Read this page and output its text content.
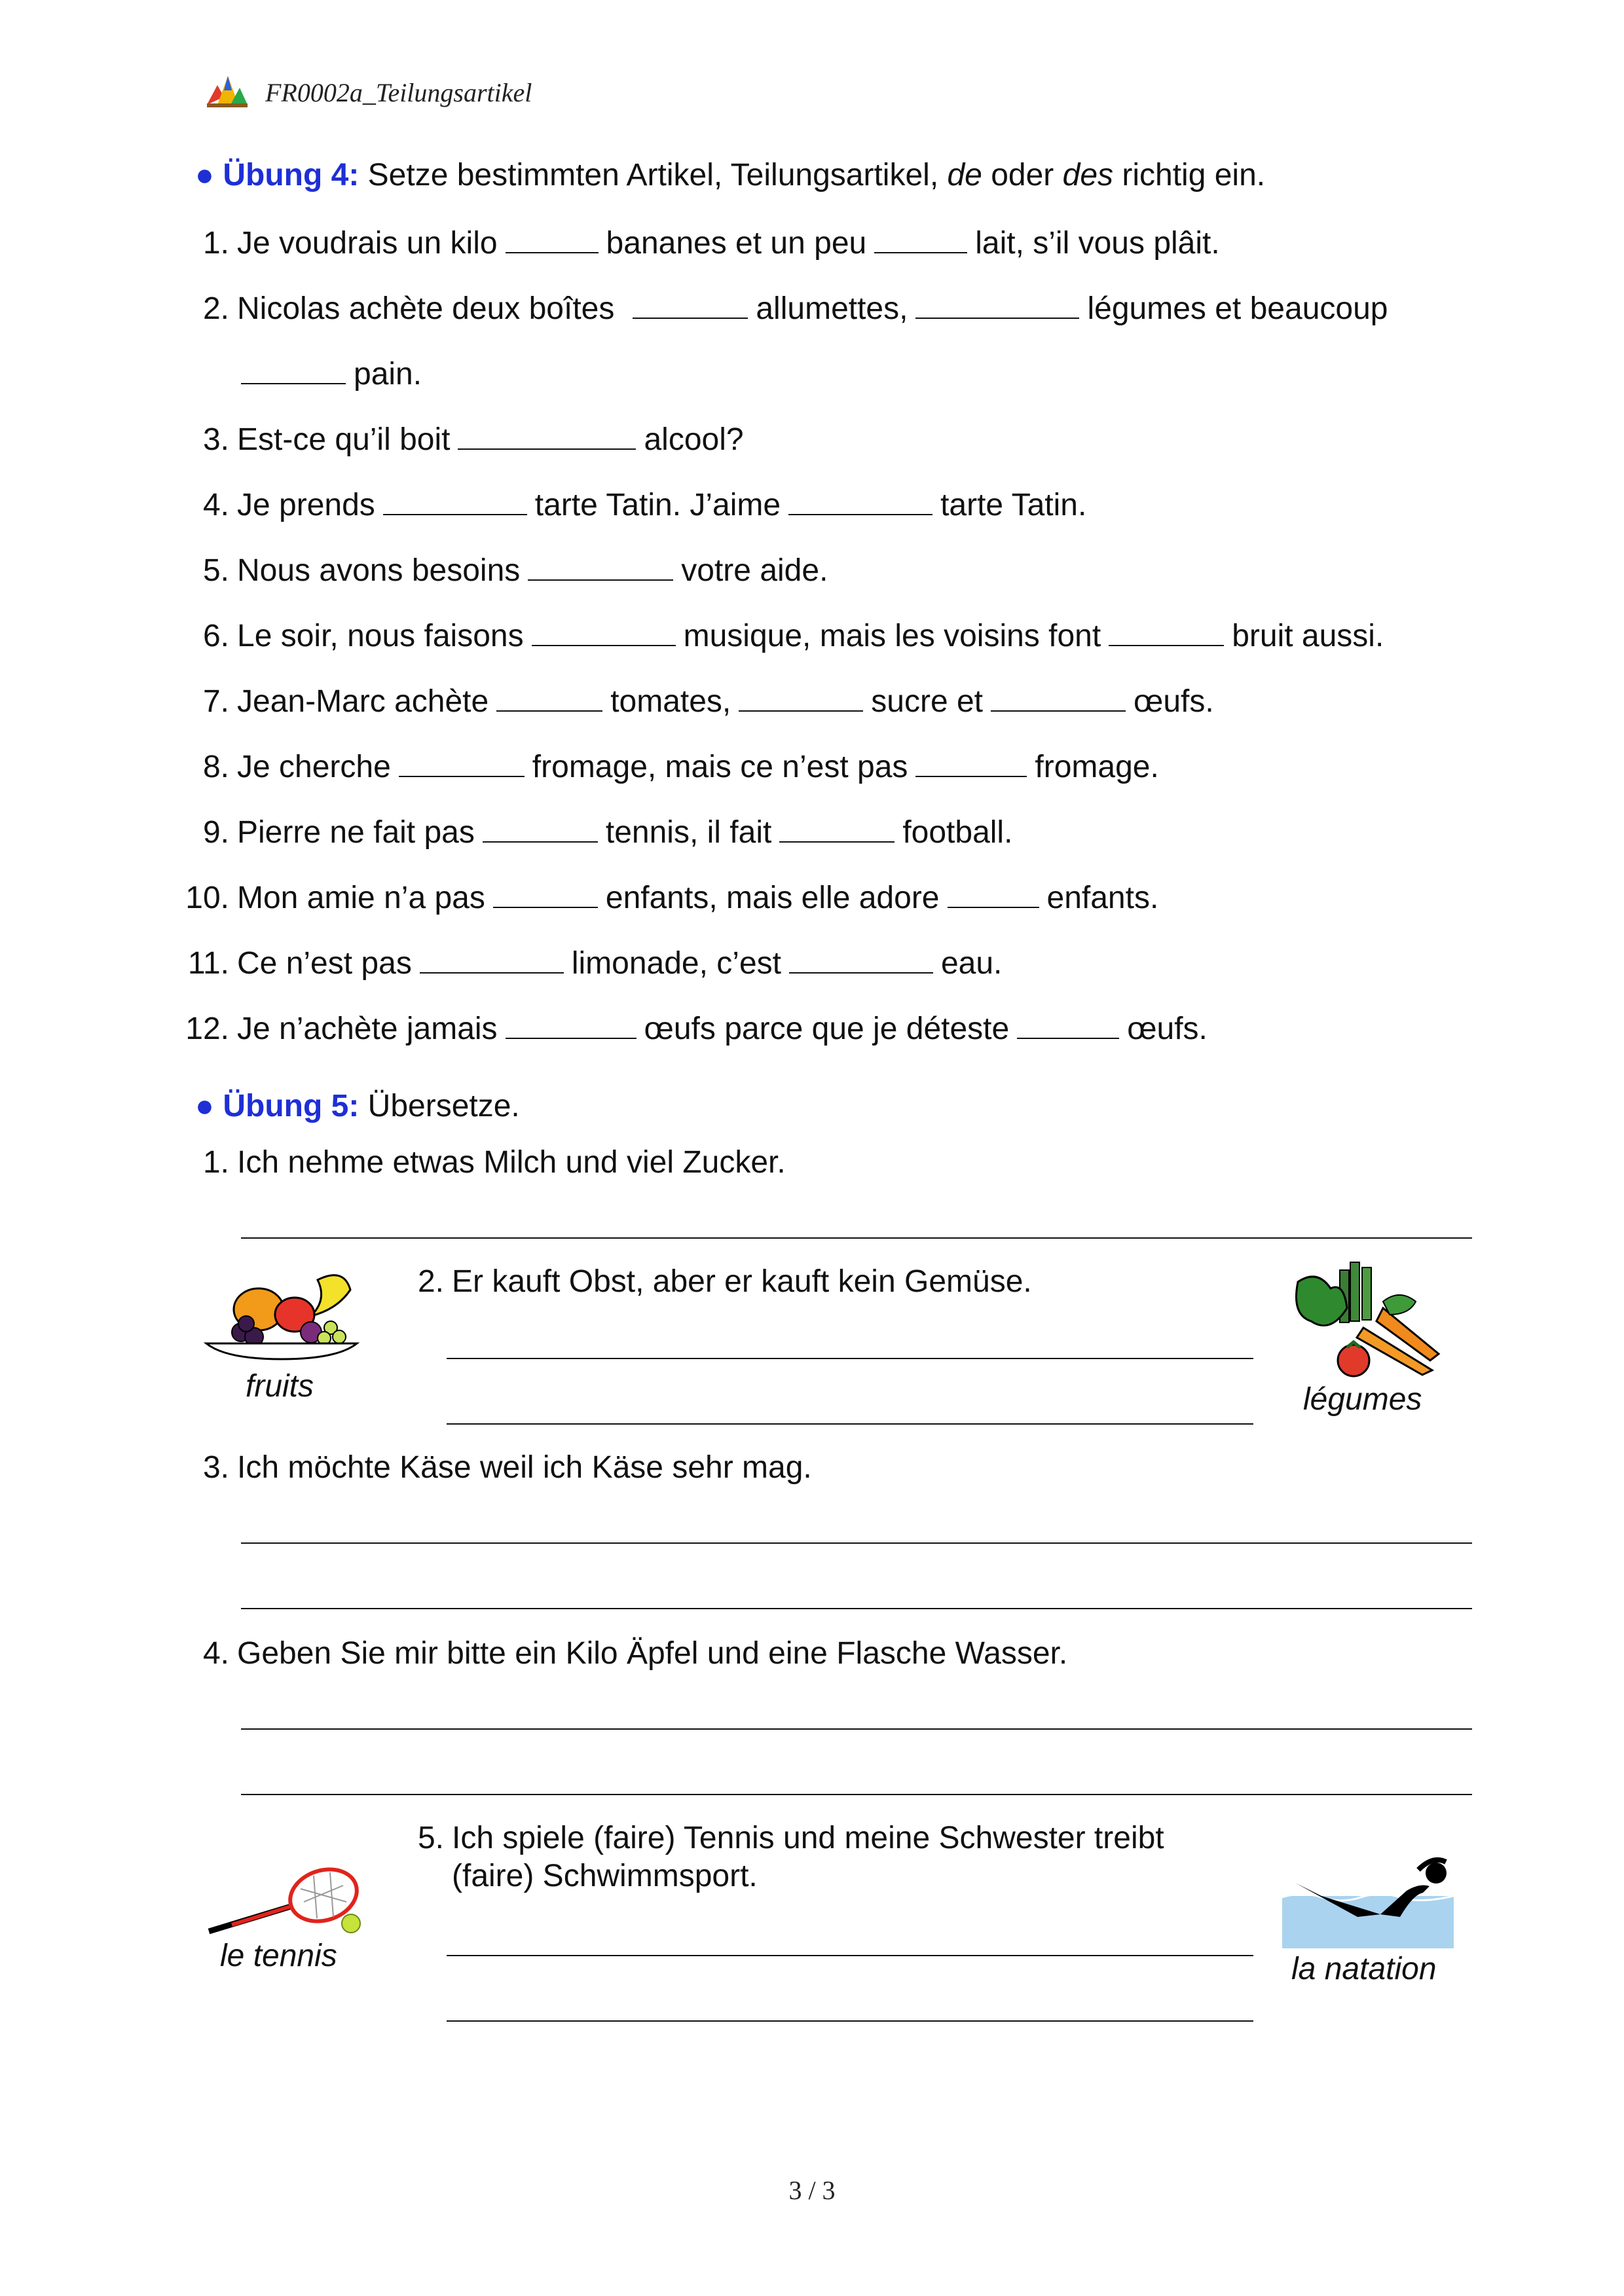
FR0002a_Teilungsartikel
● Übung 4: Setze bestimmten Artikel, Teilungsartikel, de oder des richtig ein.
1. Je voudrais un kilo	bananes et un peu	lait, s’il vous plâit.
2. Nicolas achète deux boîtes	allumettes,	légumes et beaucoup
pain.
3. Est-ce qu’il boit	alcool?
4. Je prends	tarte Tatin. J’aime	tarte Tatin.
5. Nous avons besoins	votre aide.
6. Le soir, nous faisons	musique, mais les voisins font	bruit aussi.
7. Jean-Marc achète	tomates,	sucre et	œufs.
8. Je cherche	fromage, mais ce n’est pas	fromage.
9. Pierre ne fait pas	tennis, il fait	football.
10. Mon amie n’a pas	enfants, mais elle adore	enfants.
11. Ce n’est pas	limonade, c’est	eau.
12. Je n’achète jamais	œufs parce que je déteste	œufs.
● Übung 5: Übersetze.
1. Ich nehme etwas Milch und viel Zucker.
fruits
2. Er kauft Obst, aber er kauft kein Gemüse.
légumes
3. Ich möchte Käse weil ich Käse sehr mag.
4. Geben Sie mir bitte ein Kilo Äpfel und eine Flasche Wasser.
5. Ich spiele (faire) Tennis und meine Schwester treibt
(faire) Schwimmsport.
le tennis	la natation
3 / 3
